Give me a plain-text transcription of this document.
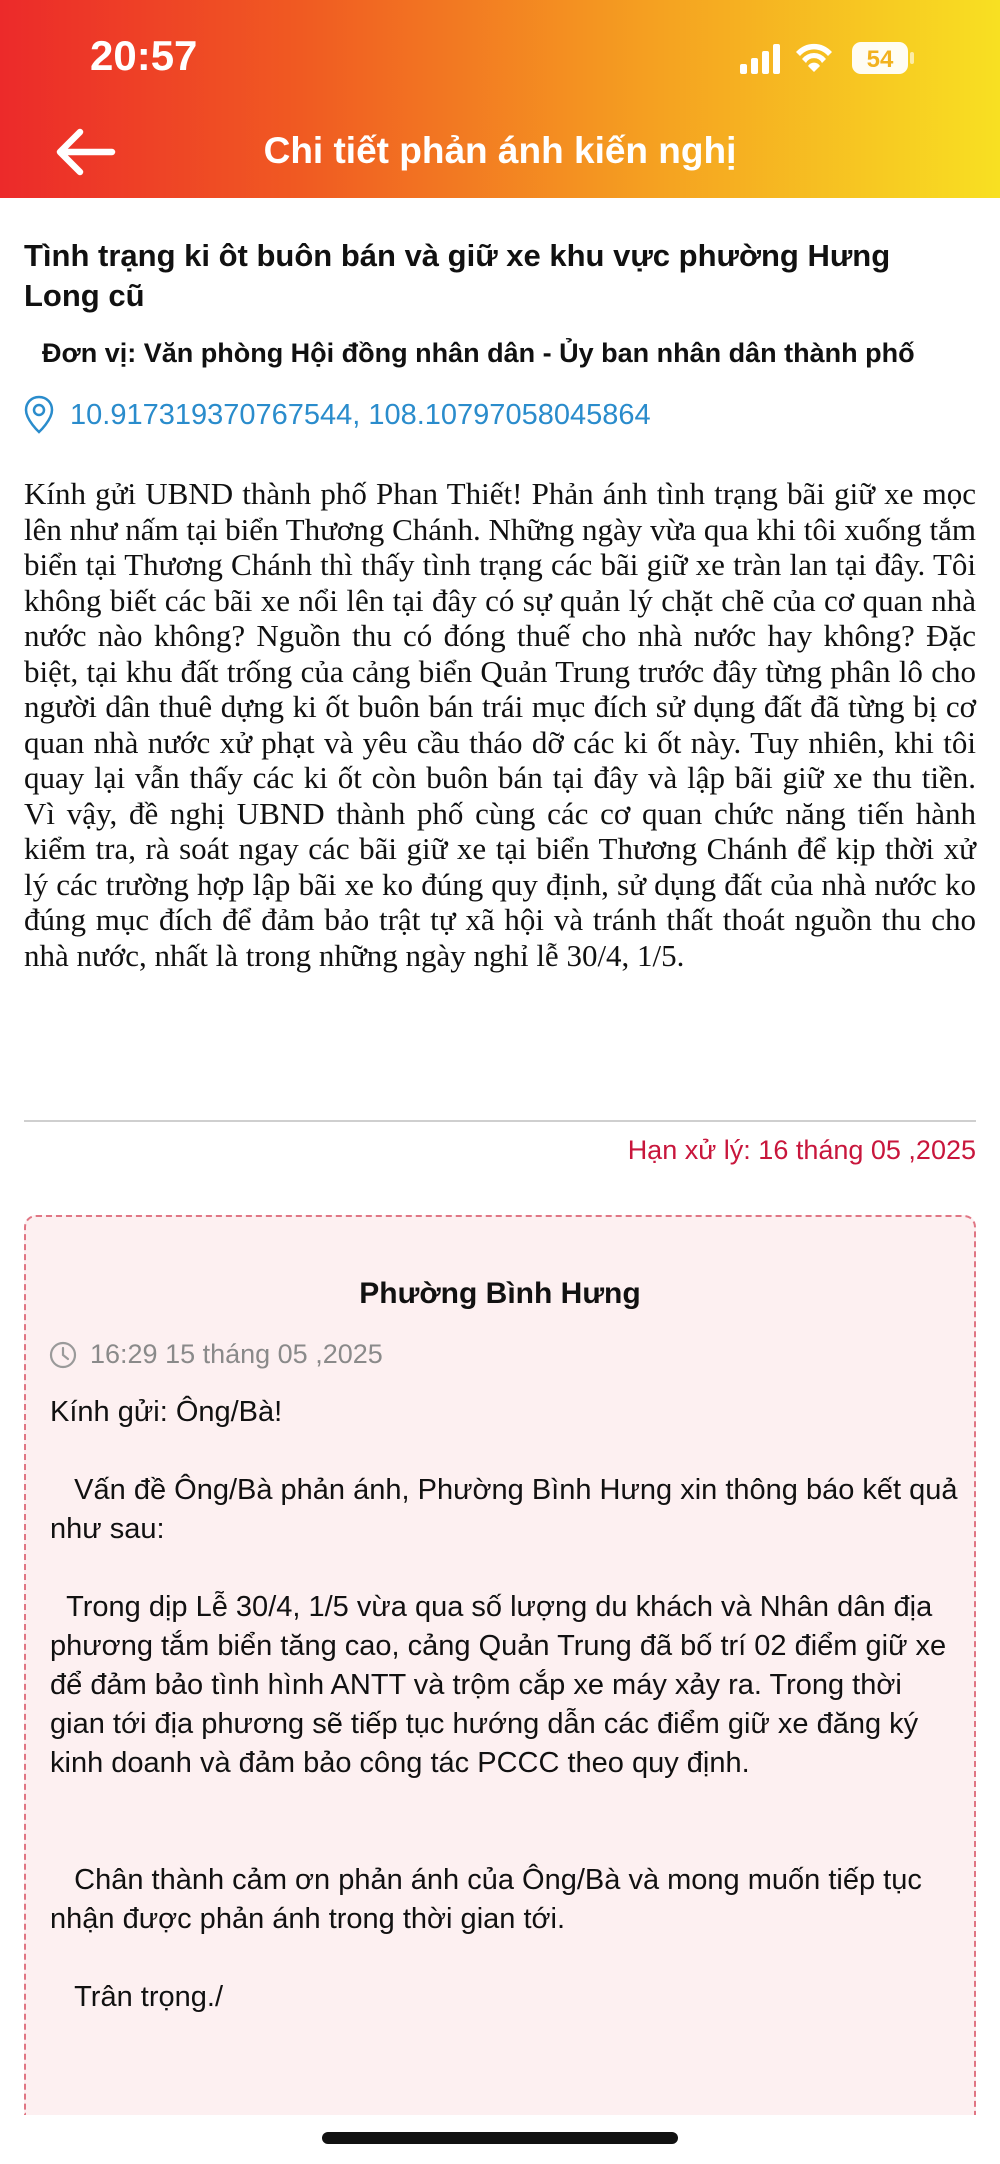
20:57	54
Chi tiết phản ánh kiến nghị
Tình trạng ki ôt buôn bán và giữ xe khu vực phường Hưng Long cũ
Đơn vị: Văn phòng Hội đồng nhân dân - Ủy ban nhân dân thành phố
10.917319370767544, 108.10797058045864
Kính gửi UBND thành phố Phan Thiết! Phản ánh tình trạng bãi giữ xe mọc lên như nấm tại biển Thương Chánh. Những ngày vừa qua khi tôi xuống tắm biển tại Thương Chánh thì thấy tình trạng các bãi giữ xe tràn lan tại đây. Tôi không biết các bãi xe nổi lên tại đây có sự quản lý chặt chẽ của cơ quan nhà nước nào không? Nguồn thu có đóng thuế cho nhà nước hay không? Đặc biệt, tại khu đất trống của cảng biển Quản Trung trước đây từng phân lô cho người dân thuê dựng ki ốt buôn bán trái mục đích sử dụng đất đã từng bị cơ quan nhà nước xử phạt và yêu cầu tháo dỡ các ki ốt này. Tuy nhiên, khi tôi quay lại vẫn thấy các ki ốt còn buôn bán tại đây và lập bãi giữ xe thu tiền. Vì vậy, đề nghị UBND thành phố cùng các cơ quan chức năng tiến hành kiểm tra, rà soát ngay các bãi giữ xe tại biển Thương Chánh để kịp thời xử lý các trường hợp lập bãi xe ko đúng quy định, sử dụng đất của nhà nước ko đúng mục đích để đảm bảo trật tự xã hội và tránh thất thoát nguồn thu cho nhà nước, nhất là trong những ngày nghỉ lễ 30/4, 1/5.
Hạn xử lý: 16 tháng 05 ,2025
Phường Bình Hưng
16:29 15 tháng 05 ,2025
Kính gửi: Ông/Bà!

Vấn đề Ông/Bà phản ánh, Phường Bình Hưng xin thông báo kết quả như sau:

Trong dịp Lễ 30/4, 1/5 vừa qua số lượng du khách và Nhân dân địa phương tắm biển tăng cao, cảng Quản Trung đã bố trí 02 điểm giữ xe để đảm bảo tình hình ANTT và trộm cắp xe máy xảy ra. Trong thời gian tới địa phương sẽ tiếp tục hướng dẫn các điểm giữ xe đăng ký kinh doanh và đảm bảo công tác PCCC theo quy định.

Chân thành cảm ơn phản ánh của Ông/Bà và mong muốn tiếp tục nhận được phản ánh trong thời gian tới.

Trân trọng./
